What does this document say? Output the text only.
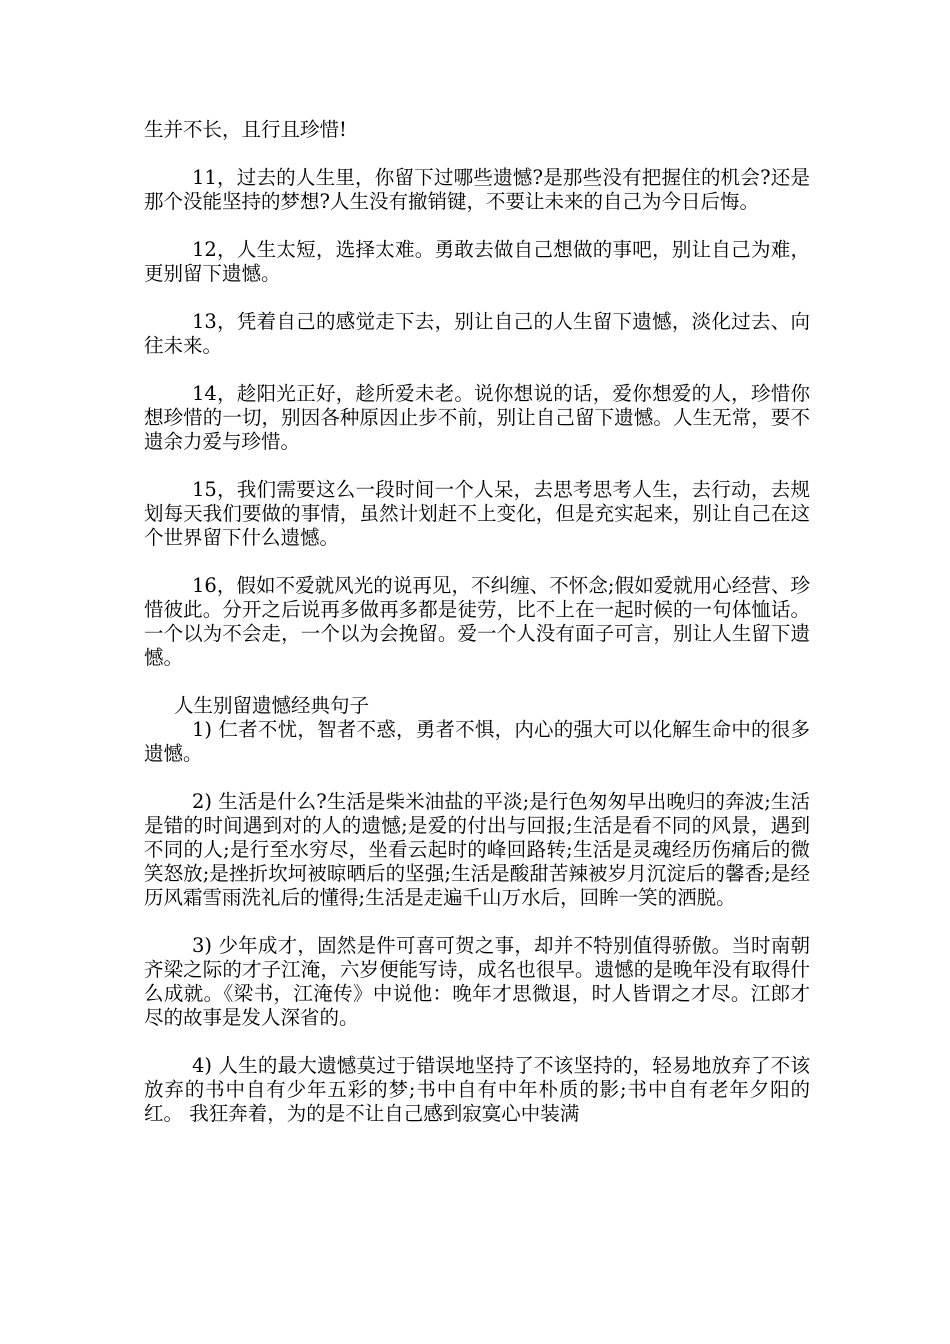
生并不长，且行且珍惜!

11，过去的人生里，你留下过哪些遗憾?是那些没有把握住的机会?还是那个没能坚持的梦想?人生没有撤销键，不要让未来的自己为今日后悔。

12，人生太短，选择太难。勇敢去做自己想做的事吧，别让自己为难，更别留下遗憾。

13，凭着自己的感觉走下去，别让自己的人生留下遗憾，淡化过去、向往未来。

14，趁阳光正好，趁所爱未老。说你想说的话，爱你想爱的人，珍惜你想珍惜的一切，别因各种原因止步不前，别让自己留下遗憾。人生无常，要不遗余力爱与珍惜。

15，我们需要这么一段时间一个人呆，去思考思考人生，去行动，去规划每天我们要做的事情，虽然计划赶不上变化，但是充实起来，别让自己在这个世界留下什么遗憾。

16，假如不爱就风光的说再见，不纠缠、不怀念;假如爱就用心经营、珍惜彼此。分开之后说再多做再多都是徒劳，比不上在一起时候的一句体恤话。一个以为不会走，一个以为会挽留。爱一个人没有面子可言，别让人生留下遗憾。

人生别留遗憾经典句子

1) 仁者不忧，智者不惑，勇者不惧，内心的强大可以化解生命中的很多遗憾。

2) 生活是什么?生活是柴米油盐的平淡;是行色匆匆早出晚归的奔波;生活是错的时间遇到对的人的遗憾;是爱的付出与回报;生活是看不同的风景，遇到不同的人;是行至水穷尽，坐看云起时的峰回路转;生活是灵魂经历伤痛后的微笑怒放;是挫折坎坷被晾晒后的坚强;生活是酸甜苦辣被岁月沉淀后的馨香;是经历风霜雪雨洗礼后的懂得;生活是走遍千山万水后，回眸一笑的洒脱。

3) 少年成才，固然是件可喜可贺之事，却并不特别值得骄傲。当时南朝齐梁之际的才子江淹，六岁便能写诗，成名也很早。遗憾的是晚年没有取得什么成就。《梁书，江淹传》中说他：晚年才思微退，时人皆谓之才尽。江郎才尽的故事是发人深省的。

4) 人生的最大遗憾莫过于错误地坚持了不该坚持的，轻易地放弃了不该放弃的书中自有少年五彩的梦;书中自有中年朴质的影;书中自有老年夕阳的红。 我狂奔着，为的是不让自己感到寂寞心中装满
